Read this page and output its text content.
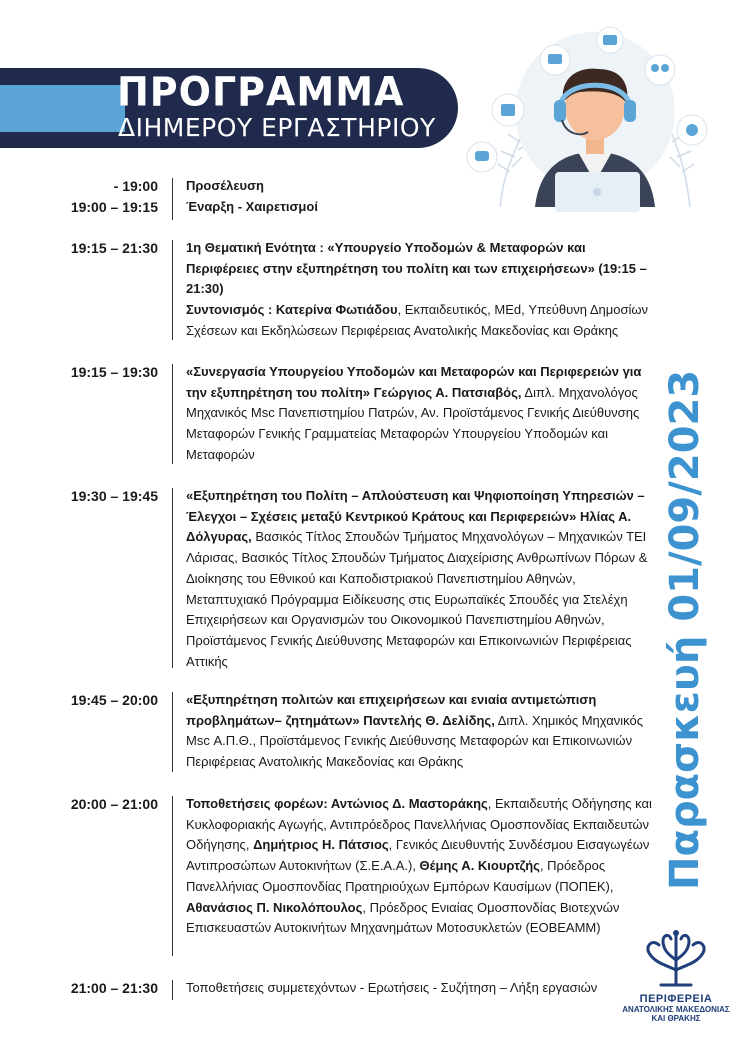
ΠΡΟΓΡΑΜΜΑ
ΔΙΗΜΕΡΟΥ ΕΡΓΑΣΤΗΡΙΟΥ
- 19:00 Προσέλευση
19:00 – 19:15 Έναρξη - Χαιρετισμοί
19:15 – 21:30 1η Θεματική Ενότητα : «Υπουργείο Υποδομών & Μεταφορών και Περιφέρειες στην εξυπηρέτηση του πολίτη και των επιχειρήσεων» (19:15 – 21:30)
Συντονισμός : Κατερίνα Φωτιάδου, Εκπαιδευτικός, MEd, Υπεύθυνη Δημοσίων Σχέσεων και Εκδηλώσεων Περιφέρειας Ανατολικής Μακεδονίας και Θράκης
19:15 – 19:30 «Συνεργασία Υπουργείου Υποδομών και Μεταφορών και Περιφερειών για την εξυπηρέτηση του πολίτη» Γεώργιος Α. Πατσιαβός, Διπλ. Μηχανολόγος Μηχανικός Msc Πανεπιστημίου Πατρών, Αν. Προϊστάμενος Γενικής Διεύθυνσης Μεταφορών Γενικής Γραμματείας Μεταφορών Υπουργείου Υποδομών και Μεταφορών
19:30 – 19:45 «Εξυπηρέτηση του Πολίτη – Απλούστευση και Ψηφιοποίηση Υπηρεσιών – Έλεγχοι – Σχέσεις μεταξύ Κεντρικού Κράτους και Περιφερειών» Ηλίας Α. Δόλγυρας, Βασικός Τίτλος Σπουδών Τμήματος Μηχανολόγων – Μηχανικών ΤΕΙ Λάρισας, Βασικός Τίτλος Σπουδών Τμήματος Διαχείρισης Ανθρωπίνων Πόρων & Διοίκησης του Εθνικού και Καποδιστριακού Πανεπιστημίου Αθηνών, Μεταπτυχιακό Πρόγραμμα Ειδίκευσης στις Ευρωπαϊκές Σπουδές για Στελέχη Επιχειρήσεων και Οργανισμών του Οικονομικού Πανεπιστημίου Αθηνών, Προϊστάμενος Γενικής Διεύθυνσης Μεταφορών και Επικοινωνιών Περιφέρειας Αττικής
19:45 – 20:00 «Εξυπηρέτηση πολιτών και επιχειρήσεων και ενιαία αντιμετώπιση προβλημάτων– ζητημάτων» Παντελής Θ. Δελίδης, Διπλ. Χημικός Μηχανικός Msc Α.Π.Θ., Προϊστάμενος Γενικής Διεύθυνσης Μεταφορών και Επικοινωνιών Περιφέρειας Ανατολικής Μακεδονίας και Θράκης
20:00 – 21:00 Τοποθετήσεις φορέων: Αντώνιος Δ. Μαστοράκης, Εκπαιδευτής Οδήγησης και Κυκλοφοριακής Αγωγής, Αντιπρόεδρος Πανελλήνιας Ομοσπονδίας Εκπαιδευτών Οδήγησης, Δημήτριος Η. Πάτσιος, Γενικός Διευθυντής Συνδέσμου Εισαγωγέων Αντιπροσώπων Αυτοκινήτων (Σ.Ε.Α.Α.), Θέμης Α. Κιουρτζής, Πρόεδρος Πανελλήνιας Ομοσπονδίας Πρατηριούχων Εμπόρων Καυσίμων (ΠΟΠΕΚ), Αθανάσιος Π. Νικολόπουλος, Πρόεδρος Ενιαίας Ομοσπονδίας Βιοτεχνών Επισκευαστών Αυτοκινήτων Μηχανημάτων Μοτοσυκλετών (ΕΟΒΕΑΜΜ)
21:00 – 21:30 Τοποθετήσεις συμμετεχόντων - Ερωτήσεις - Συζήτηση – Λήξη εργασιών
Παρασκευή 01/09/2023
ΠΕΡΙΦΕΡΕΙΑ
ΑΝΑΤΟΛΙΚΗΣ ΜΑΚΕΔΟΝΙΑΣ
ΚΑΙ ΘΡΑΚΗΣ
